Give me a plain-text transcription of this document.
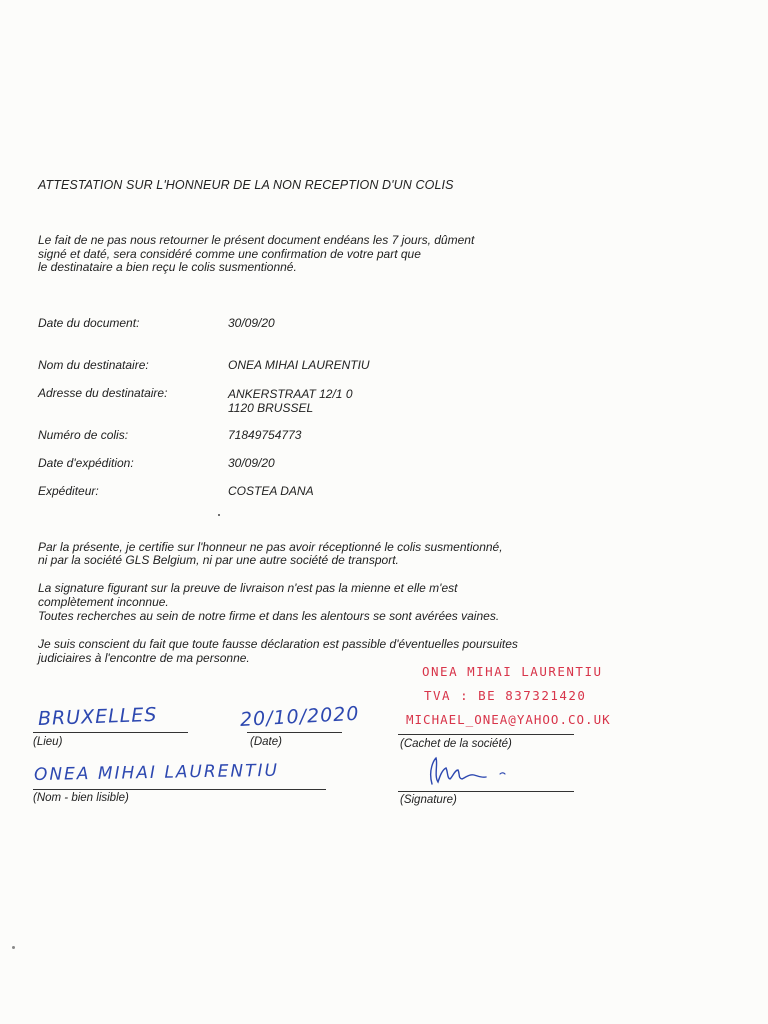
ATTESTATION SUR L'HONNEUR DE LA NON RECEPTION D'UN COLIS
Le fait de ne pas nous retourner le présent document endéans les 7 jours, dûment
signé et daté, sera considéré comme une confirmation de votre part que
le destinataire a bien reçu le colis susmentionné.
Date du document:	30/09/20
Nom du destinataire:	ONEA MIHAI LAURENTIU
Adresse du destinataire:	ANKERSTRAAT 12/1 0
1120 BRUSSEL
Numéro de colis:	71849754773
Date d'expédition:	30/09/20
Expéditeur:	COSTEA DANA
Par la présente, je certifie sur l'honneur ne pas avoir réceptionné le colis susmentionné,
ni par la société GLS Belgium, ni par une autre société de transport.
La signature figurant sur la preuve de livraison n'est pas la mienne et elle m'est
complètement inconnue.
Toutes recherches au sein de notre firme et dans les alentours se sont avérées vaines.
Je suis conscient du fait que toute fausse déclaration est passible d'éventuelles poursuites
judiciaires à l'encontre de ma personne.
ONEA MIHAI LAURENTIU
TVA : BE 837321420
MICHAEL_ONEA@YAHOO.CO.UK
BRUXELLES
(Lieu)
20/10/2020
(Date)	(Cachet de la société)
ONEA MIHAI LAURENTIU
(Nom - bien lisible)	(Signature)
